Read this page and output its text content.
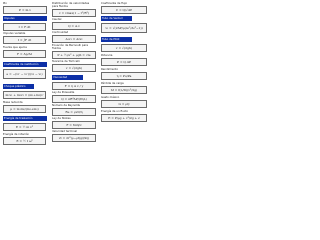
Pin
P = m·v
Impulso
I = F·Δt
Impulso variable
I = ∫F dt
Fuerza que ejerce
F = Δp/Δt
Coeficiente de restitución
e = −(v₂′ − v₁′)/(v₂ − v₁)
Choque plástico
m₁v₁ + m₂v₂ = (m₁+m₂)v′
Masa reducida
μ = m₁m₂/(m₁+m₂)
Energía de traslación
E = ½ m v²
Energía de rotación
E = ½ I ω²
Distribución de velocidades para fluidos
v = vmax(1 − r²/R²)
Caudal
Q = A·v
Continuidad
A₁v₁ = A₂v₂
Ecuación de Bernoulli para fluidos
P + ½ρv² + ρgh = cte
Teorema de Torricelli
v = √(2gh)
Viscosidad
F = η A v / y
Ley de Poiseuille
Q = πR⁴ΔP/(8ηL)
Número de Reynolds
Re = ρvD/η
Ley de Stokes
F = 6πηrv
Velocidad terminal
vt = 2r²(ρ−ρf)g/(9η)
Coeficiente de flujo
C = Q/√ΔP
Tubo de Venturi
v₁ = √(2ΔP/ρ(A₁²/A₂²−1))
Tubo de Pitot
v = √(2gh)
Potencia
P = Q·ΔP
Rendimiento
η = Pu/Pa
Pérdida de carga
hf = f(L/D)(v²/2g)
Gasto másico
G = ρQ
Energía de un fluido
E = P/ρg + v²/2g + z
